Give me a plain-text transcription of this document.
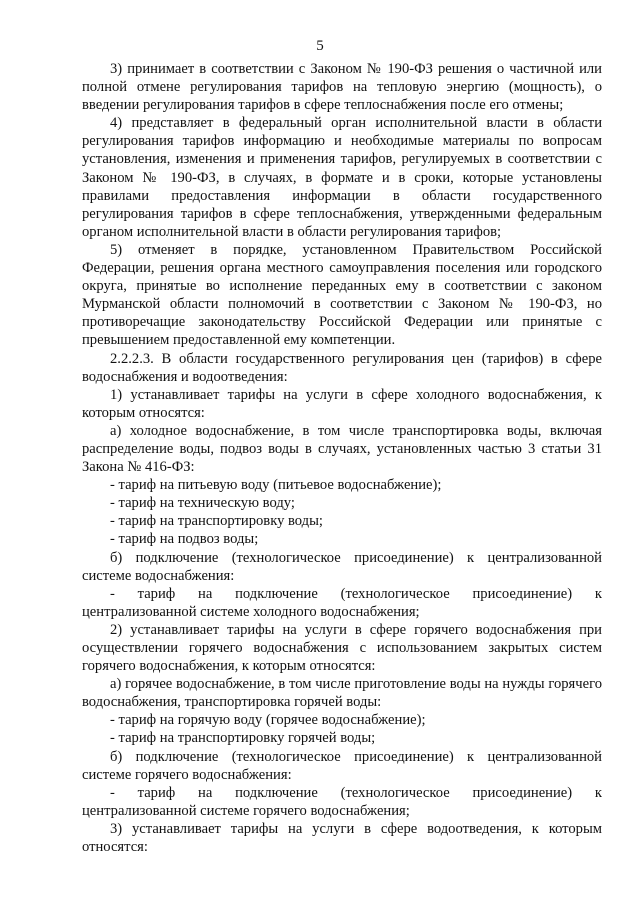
5

3) принимает в соответствии с Законом № 190-ФЗ решения о частичной или полной отмене регулирования тарифов на тепловую энергию (мощность), о введении регулирования тарифов в сфере теплоснабжения после его отмены;

4) представляет в федеральный орган исполнительной власти в области регулирования тарифов информацию и необходимые материалы по вопросам установления, изменения и применения тарифов, регулируемых в соответствии с Законом № 190-ФЗ, в случаях, в формате и в сроки, которые установлены правилами предоставления информации в области государственного регулирования тарифов в сфере теплоснабжения, утвержденными федеральным органом исполнительной власти в области регулирования тарифов;

5) отменяет в порядке, установленном Правительством Российской Федерации, решения органа местного самоуправления поселения или городского округа, принятые во исполнение переданных ему в соответствии с законом Мурманской области полномочий в соответствии с Законом № 190-ФЗ, но противоречащие законодательству Российской Федерации или принятые с превышением предоставленной ему компетенции.

2.2.2.3. В области государственного регулирования цен (тарифов) в сфере водоснабжения и водоотведения:

1) устанавливает тарифы на услуги в сфере холодного водоснабжения, к которым относятся:

а) холодное водоснабжение, в том числе транспортировка воды, включая распределение воды, подвоз воды в случаях, установленных частью 3 статьи 31 Закона № 416-ФЗ:

- тариф на питьевую воду (питьевое водоснабжение);

- тариф на техническую воду;

- тариф на транспортировку воды;

- тариф на подвоз воды;

б) подключение (технологическое присоединение) к централизованной системе водоснабжения:

- тариф на подключение (технологическое присоединение) к централизованной системе холодного водоснабжения;

2) устанавливает тарифы на услуги в сфере горячего водоснабжения при осуществлении горячего водоснабжения с использованием закрытых систем горячего водоснабжения, к которым относятся:

а) горячее водоснабжение, в том числе приготовление воды на нужды горячего водоснабжения, транспортировка горячей воды:

- тариф на горячую воду (горячее водоснабжение);

- тариф на транспортировку горячей воды;

б) подключение (технологическое присоединение) к централизованной системе горячего водоснабжения:

- тариф на подключение (технологическое присоединение) к централизованной системе горячего водоснабжения;

3) устанавливает тарифы на услуги в сфере водоотведения, к которым относятся:
